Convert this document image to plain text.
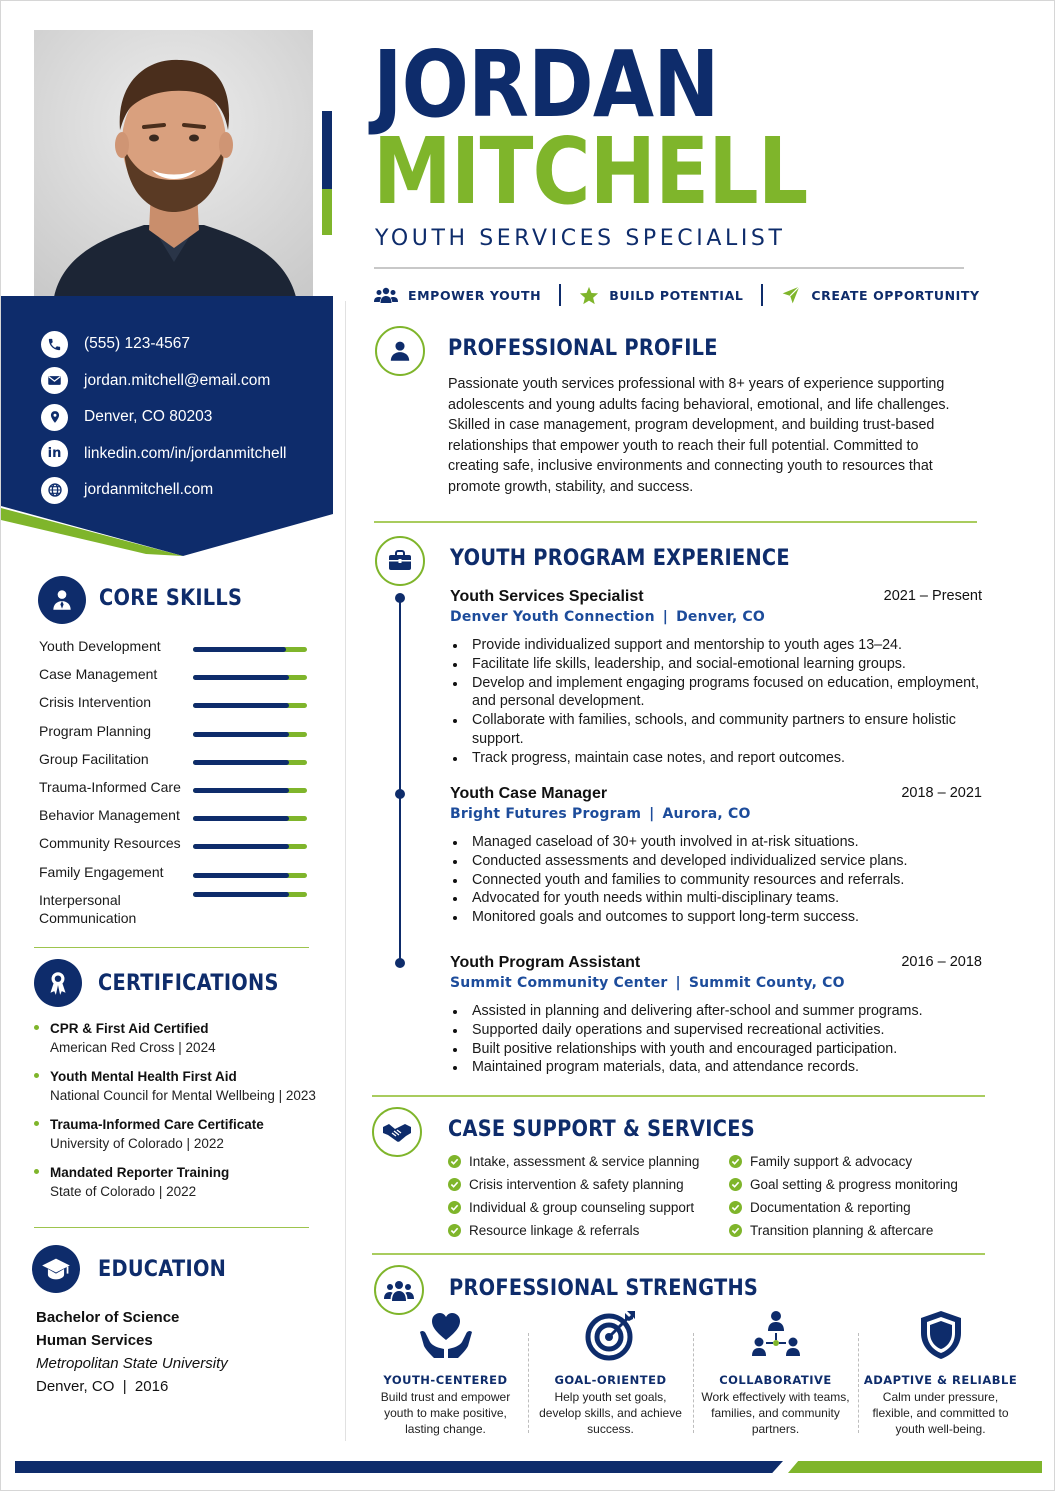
(555) 123-4567
jordan.mitchell@email.com
Denver, CO 80203
in	linkedin.com/in/jordanmitchell
jordanmitchell.com
CORE SKILLS
Youth Development
Case Management
Crisis Intervention
Program Planning
Group Facilitation
Trauma-Informed Care
Behavior Management
Community Resources
Family Engagement
Interpersonal Communication
CERTIFICATIONS
CPR & First Aid Certified
American Red Cross | 2024
Youth Mental Health First Aid
National Council for Mental Wellbeing | 2023
Trauma-Informed Care Certificate
University of Colorado | 2022
Mandated Reporter Training
State of Colorado | 2022
EDUCATION
Bachelor of Science
Human Services
Metropolitan State University
Denver, CO  |  2016
JORDAN
MITCHELL
YOUTH SERVICES SPECIALIST
EMPOWER YOUTH	BUILD POTENTIAL	CREATE OPPORTUNITY
PROFESSIONAL PROFILE
Passionate youth services professional with 8+ years of experience supporting adolescents and young adults facing behavioral, emotional, and life challenges. Skilled in case management, program development, and building trust-based relationships that empower youth to reach their full potential. Committed to creating safe, inclusive environments and connecting youth to resources that promote growth, stability, and success.
YOUTH PROGRAM EXPERIENCE
Youth Services Specialist	2021 – Present
Denver Youth Connection | Denver, CO
Provide individualized support and mentorship to youth ages 13–24.
Facilitate life skills, leadership, and social-emotional learning groups.
Develop and implement engaging programs focused on education, employment, and personal development.
Collaborate with families, schools, and community partners to ensure holistic support.
Track progress, maintain case notes, and report outcomes.
Youth Case Manager	2018 – 2021
Bright Futures Program | Aurora, CO
Managed caseload of 30+ youth involved in at-risk situations.
Conducted assessments and developed individualized service plans.
Connected youth and families to community resources and referrals.
Advocated for youth needs within multi-disciplinary teams.
Monitored goals and outcomes to support long-term success.
Youth Program Assistant	2016 – 2018
Summit Community Center | Summit County, CO
Assisted in planning and delivering after-school and summer programs.
Supported daily operations and supervised recreational activities.
Built positive relationships with youth and encouraged participation.
Maintained program materials, data, and attendance records.
CASE SUPPORT & SERVICES
Intake, assessment & service planning
Crisis intervention & safety planning
Individual & group counseling support
Resource linkage & referrals
Family support & advocacy
Goal setting & progress monitoring
Documentation & reporting
Transition planning & aftercare
PROFESSIONAL STRENGTHS
YOUTH-CENTERED
Build trust and empower youth to make positive, lasting change.
GOAL-ORIENTED
Help youth set goals, develop skills, and achieve success.
COLLABORATIVE
Work effectively with teams, families, and community partners.
ADAPTIVE & RELIABLE
Calm under pressure, flexible, and committed to youth well-being.
